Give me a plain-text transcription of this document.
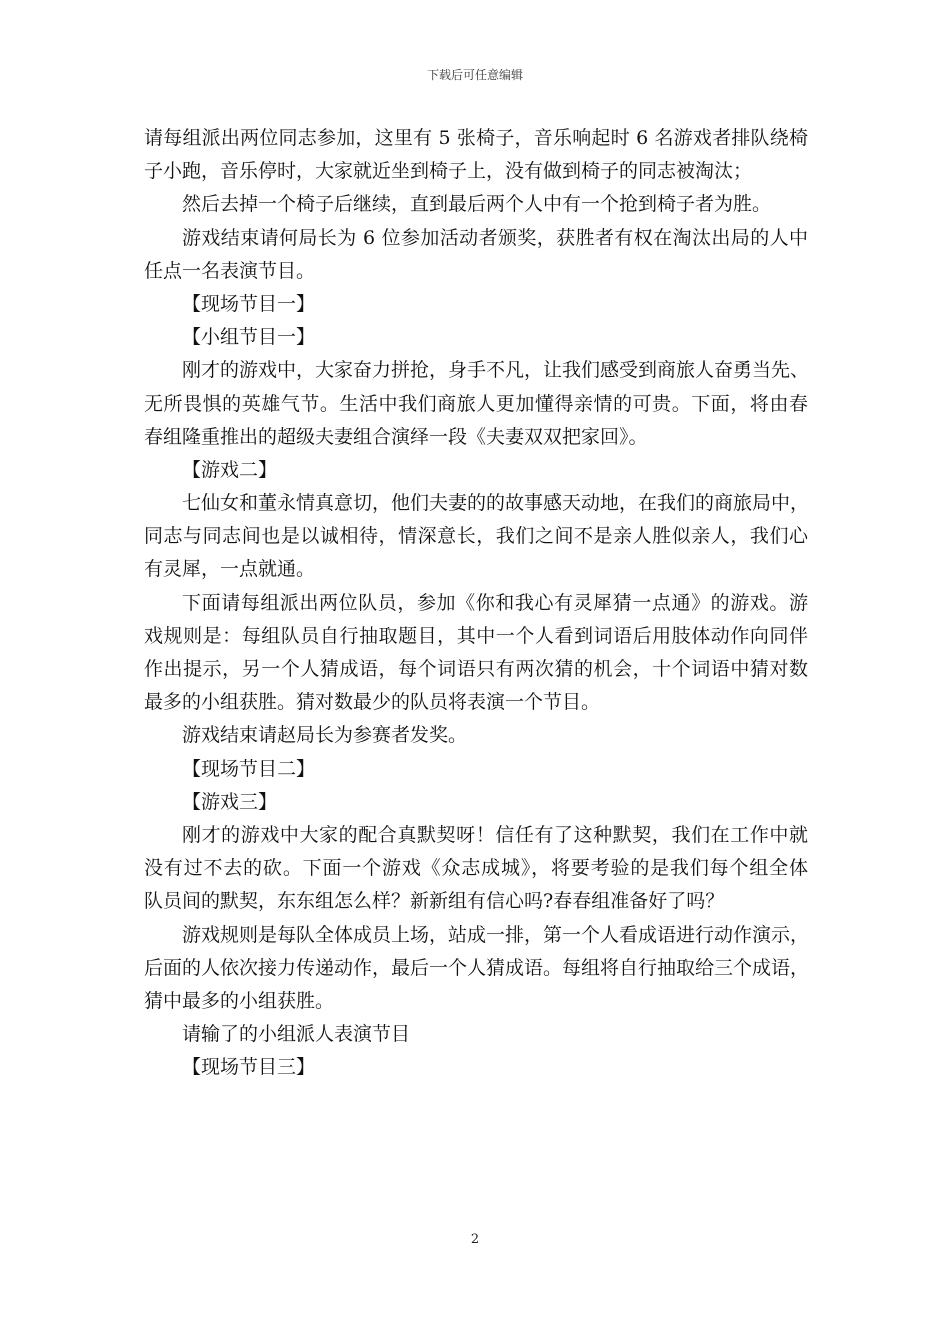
下载后可任意编辑
请每组派出两位同志参加，这里有 5 张椅子，音乐响起时 6 名游戏者排队绕椅
子小跑，音乐停时，大家就近坐到椅子上，没有做到椅子的同志被淘汰；
然后去掉一个椅子后继续，直到最后两个人中有一个抢到椅子者为胜。
游戏结束请何局长为 6 位参加活动者颁奖，获胜者有权在淘汰出局的人中
任点一名表演节目。
【现场节目一】
【小组节目一】
刚才的游戏中，大家奋力拼抢，身手不凡，让我们感受到商旅人奋勇当先、
无所畏惧的英雄气节。生活中我们商旅人更加懂得亲情的可贵。下面，将由春
春组隆重推出的超级夫妻组合演绎一段《夫妻双双把家回》。
【游戏二】
七仙女和董永情真意切，他们夫妻的的故事感天动地，在我们的商旅局中，
同志与同志间也是以诚相待，情深意长，我们之间不是亲人胜似亲人，我们心
有灵犀，一点就通。
下面请每组派出两位队员，参加《你和我心有灵犀猜一点通》的游戏。游
戏规则是：每组队员自行抽取题目，其中一个人看到词语后用肢体动作向同伴
作出提示，另一个人猜成语，每个词语只有两次猜的机会，十个词语中猜对数
最多的小组获胜。猜对数最少的队员将表演一个节目。
游戏结束请赵局长为参赛者发奖。
【现场节目二】
【游戏三】
刚才的游戏中大家的配合真默契呀！信任有了这种默契，我们在工作中就
没有过不去的砍。下面一个游戏《众志成城》，将要考验的是我们每个组全体
队员间的默契，东东组怎么样？新新组有信心吗?春春组准备好了吗？
游戏规则是每队全体成员上场，站成一排，第一个人看成语进行动作演示，
后面的人依次接力传递动作，最后一个人猜成语。每组将自行抽取给三个成语，
猜中最多的小组获胜。
请输了的小组派人表演节目
【现场节目三】
2
